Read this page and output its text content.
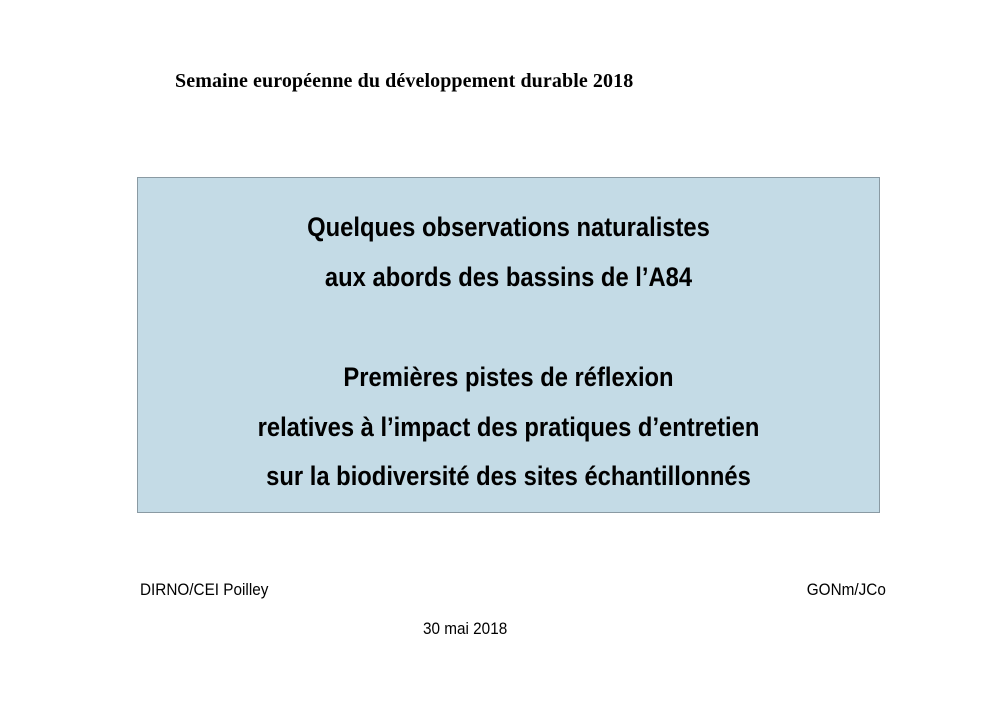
Semaine européenne du développement durable 2018
Quelques observations naturalistes
aux abords des bassins de l’A84
Premières pistes de réflexion
relatives à l’impact des pratiques d’entretien
sur la biodiversité des sites échantillonnés
DIRNO/CEI Poilley	GONm/JCo
30 mai 2018
